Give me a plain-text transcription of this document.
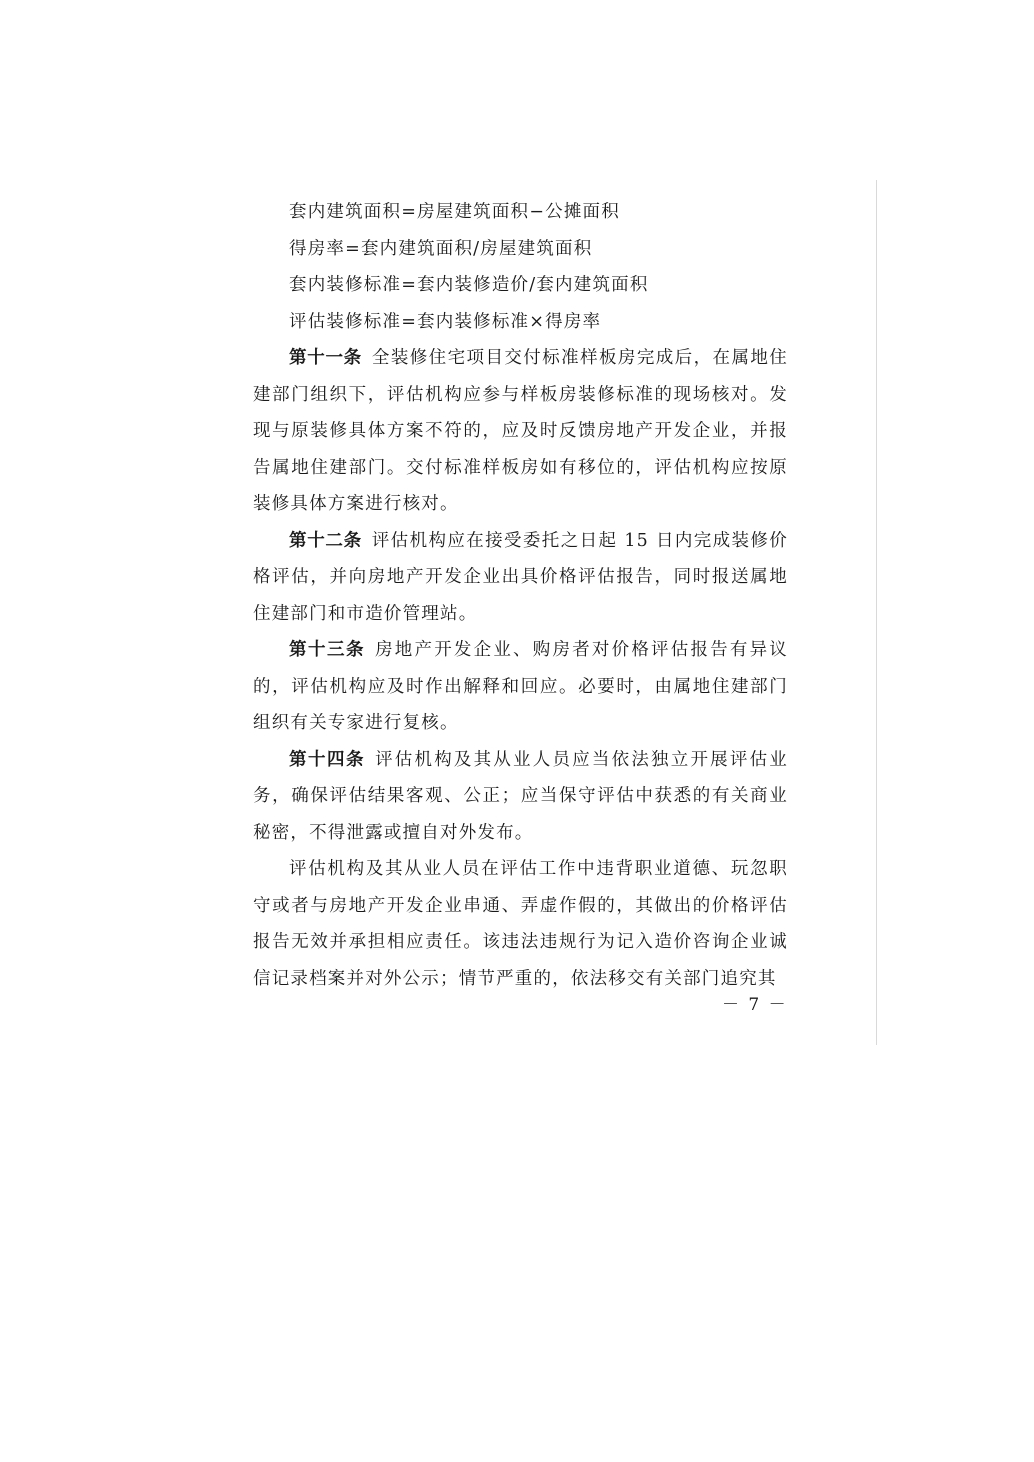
套内建筑面积=房屋建筑面积−公摊面积

得房率=套内建筑面积/房屋建筑面积

套内装修标准=套内装修造价/套内建筑面积

评估装修标准=套内装修标准×得房率

第十一条 全装修住宅项目交付标准样板房完成后，在属地住建部门组织下，评估机构应参与样板房装修标准的现场核对。发现与原装修具体方案不符的，应及时反馈房地产开发企业，并报告属地住建部门。交付标准样板房如有移位的，评估机构应按原装修具体方案进行核对。

第十二条 评估机构应在接受委托之日起 15 日内完成装修价格评估，并向房地产开发企业出具价格评估报告，同时报送属地住建部门和市造价管理站。

第十三条 房地产开发企业、购房者对价格评估报告有异议的，评估机构应及时作出解释和回应。必要时，由属地住建部门组织有关专家进行复核。

第十四条 评估机构及其从业人员应当依法独立开展评估业务，确保评估结果客观、公正；应当保守评估中获悉的有关商业秘密，不得泄露或擅自对外发布。

评估机构及其从业人员在评估工作中违背职业道德、玩忽职守或者与房地产开发企业串通、弄虚作假的，其做出的价格评估报告无效并承担相应责任。该违法违规行为记入造价咨询企业诚信记录档案并对外公示；情节严重的，依法移交有关部门追究其

－ 7 －
